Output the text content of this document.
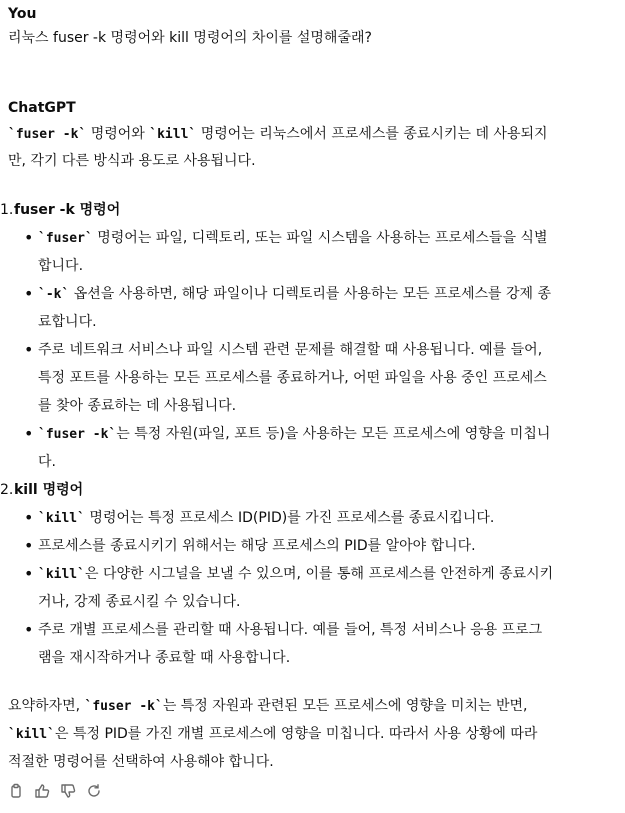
You
리눅스 fuser -k 명령어와 kill 명령어의 차이를 설명해줄래?
ChatGPT
`fuser -k` 명령어와 `kill` 명령어는 리눅스에서 프로세스를 종료시키는 데 사용되지
만, 각기 다른 방식과 용도로 사용됩니다.
1. fuser -k 명령어
• `fuser` 명령어는 파일, 디렉토리, 또는 파일 시스템을 사용하는 프로세스들을 식별
합니다.
• `-k` 옵션을 사용하면, 해당 파일이나 디렉토리를 사용하는 모든 프로세스를 강제 종
료합니다.
• 주로 네트워크 서비스나 파일 시스템 관련 문제를 해결할 때 사용됩니다. 예를 들어,
특정 포트를 사용하는 모든 프로세스를 종료하거나, 어떤 파일을 사용 중인 프로세스
를 찾아 종료하는 데 사용됩니다.
• `fuser -k`는 특정 자원(파일, 포트 등)을 사용하는 모든 프로세스에 영향을 미칩니
다.
2. kill 명령어
• `kill` 명령어는 특정 프로세스 ID(PID)를 가진 프로세스를 종료시킵니다.
• 프로세스를 종료시키기 위해서는 해당 프로세스의 PID를 알아야 합니다.
• `kill`은 다양한 시그널을 보낼 수 있으며, 이를 통해 프로세스를 안전하게 종료시키
거나, 강제 종료시킬 수 있습니다.
• 주로 개별 프로세스를 관리할 때 사용됩니다. 예를 들어, 특정 서비스나 응용 프로그
램을 재시작하거나 종료할 때 사용합니다.
요약하자면, `fuser -k`는 특정 자원과 관련된 모든 프로세스에 영향을 미치는 반면,
`kill`은 특정 PID를 가진 개별 프로세스에 영향을 미칩니다. 따라서 사용 상황에 따라
적절한 명령어를 선택하여 사용해야 합니다.
